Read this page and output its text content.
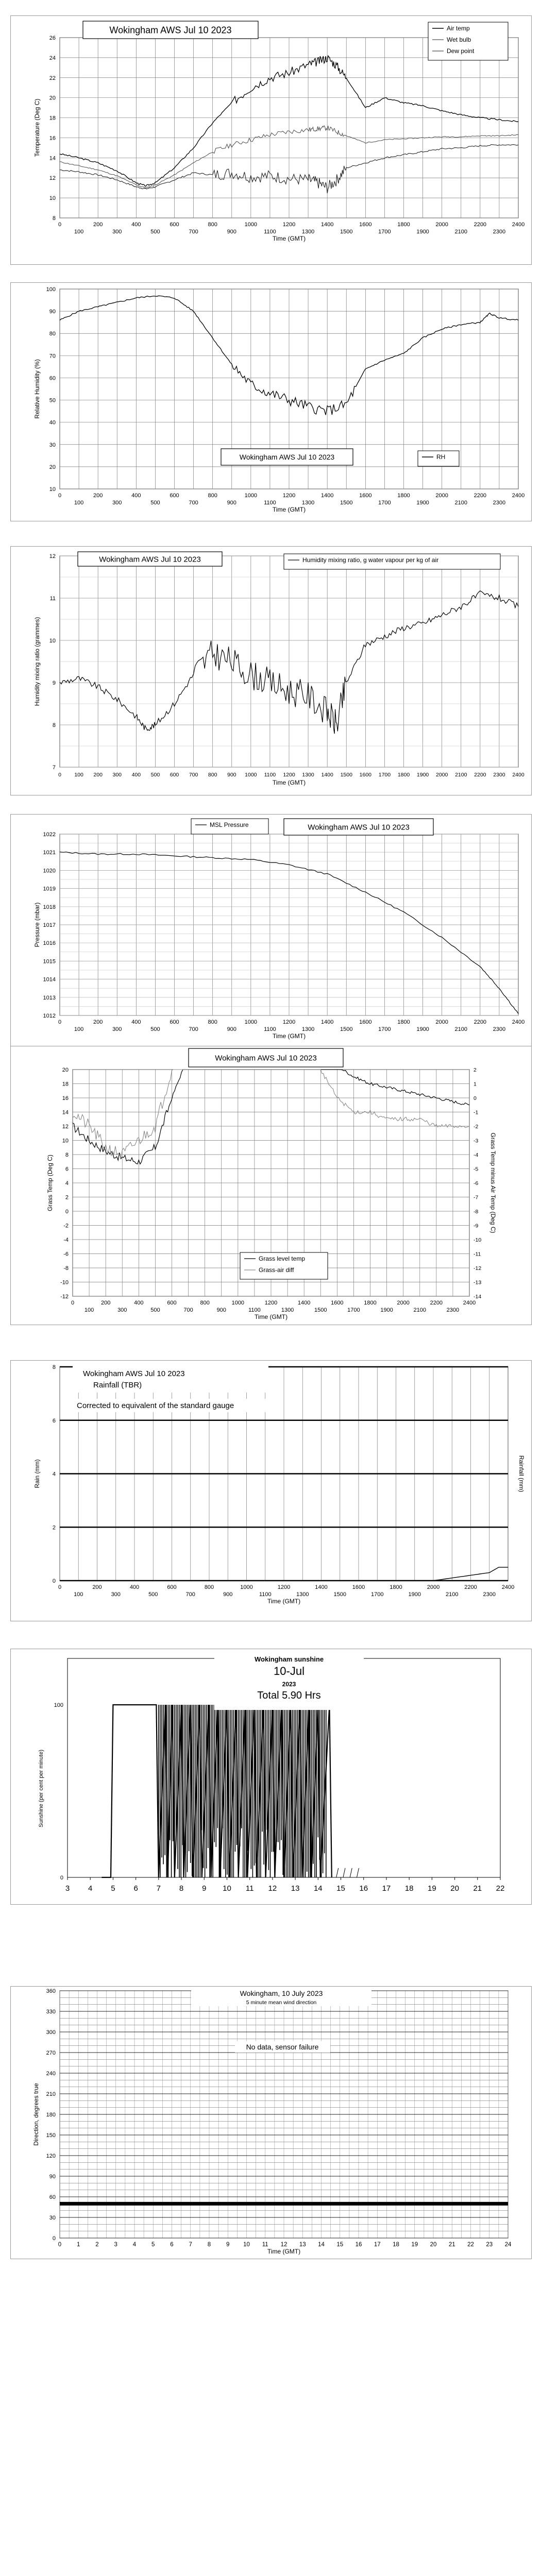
8
10
12
14
16
18
20
22
24
26
0	200	400	600	800	1000	1200	1400	1600	1800	2000	2200	2400
100	300	500	700	900	1100	1300	1500	1700	1900	2100	2300
Time (GMT)
Temperature (Deg C)
Wokingham AWS Jul 10 2023	Air temp
Wet bulb
Dew point
10
20
30
40
50
60
70
80
90
100
0	200	400	600	800	1000	1200	1400	1600	1800	2000	2200	2400
100	300	500	700	900	1100	1300	1500	1700	1900	2100	2300
Time (GMT)
Relative Humidity (%)
Wokingham AWS Jul 10 2023	RH
7
8
9
10
11
12
0 100 200 300 400 500 600 700 800 900 1000 1100 1200 1300 1400 1500 1600 1700 1800 1900 2000 2100 2200 2300 2400
Time (GMT)
Humidity mixing ratio (grammes)
Wokingham AWS Jul 10 2023	Humidity mixing ratio, g water vapour per kg of air
1012
1013
1014
1015
1016
1017
1018
1019
1020
1021
1022
0	200	400	600	800	1000	1200	1400	1600	1800	2000	2200	2400
100	300	500	700	900	1100	1300	1500	1700	1900	2100	2300
Time (GMT)
Pressure (mbar)
MSL Pressure	Wokingham AWS Jul 10 2023
-12
-10
-8
-6
-4
-2
0
2
4
6
8
10
12
14
16
18
20
0	200	400	600	800	1000	1200	1400	1600	1800	2000	2200	2400
100	300	500	700	900	1100	1300	1500	1700	1900	2100	2300
Time (GMT)
Grass Temp (Deg C)
-14
-13
-12
-11
-10
-9
-8
-7
-6
-5
-4
-3
-2
-1
0
1
2
Grass Temp minus Air Temp (Deg C)
Wokingham AWS Jul 10 2023
Grass level temp
Grass-air diff
0
2
4
6
8
0	200	400	600	800	1000	1200	1400	1600	1800	2000	2200	2400
100	300	500	700	900	1100	1300	1500	1700	1900	2100	2300
Time (GMT)
Rain (mm)	Rainfall (mm)
Wokingham AWS Jul 10 2023
Rainfall (TBR)
Corrected to equivalent of the standard gauge
3 4 5 6 7 8 9 10 11 12 13 14 15 16 17 18 19 20 21 22
0
100
Sunshine (per cent per minute)
Wokingham sunshine
10-Jul
2023
Total 5.90 Hrs
0
30
60
90
120
150
180
210
240
270
300
330
360
0	1	2	3	4	5	6	7	8	9 10 11 12 13 14 15 16 17 18 19 20 21 22 23 24
Time (GMT)
Direction, degrees true
Wokingham, 10 July 2023
5 minute mean wind direction
No data, sensor failure
